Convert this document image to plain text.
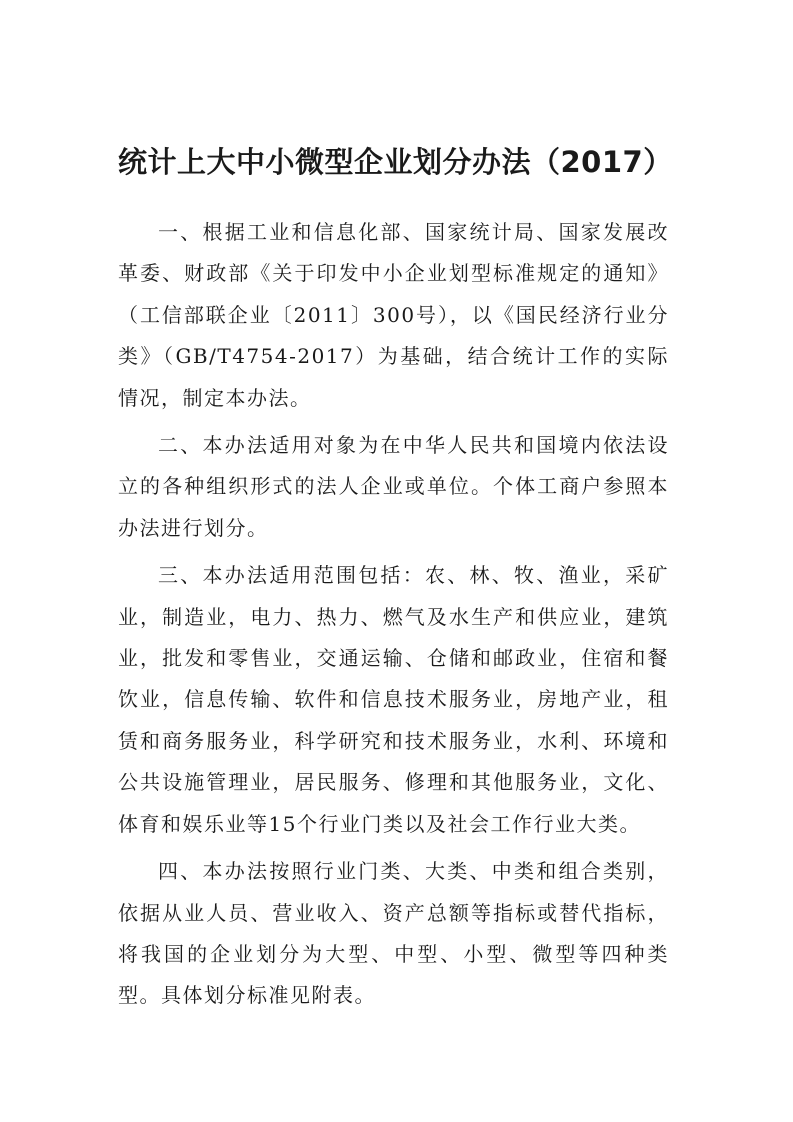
统计上大中小微型企业划分办法（2017）

一、根据工业和信息化部、国家统计局、国家发展改革委、财政部《关于印发中小企业划型标准规定的通知》（工信部联企业〔2011〕300号），以《国民经济行业分类》（GB/T4754-2017）为基础，结合统计工作的实际情况，制定本办法。

二、本办法适用对象为在中华人民共和国境内依法设立的各种组织形式的法人企业或单位。个体工商户参照本办法进行划分。

三、本办法适用范围包括：农、林、牧、渔业，采矿业，制造业，电力、热力、燃气及水生产和供应业，建筑业，批发和零售业，交通运输、仓储和邮政业，住宿和餐饮业，信息传输、软件和信息技术服务业，房地产业，租赁和商务服务业，科学研究和技术服务业，水利、环境和公共设施管理业，居民服务、修理和其他服务业，文化、体育和娱乐业等15个行业门类以及社会工作行业大类。

四、本办法按照行业门类、大类、中类和组合类别，依据从业人员、营业收入、资产总额等指标或替代指标，将我国的企业划分为大型、中型、小型、微型等四种类型。具体划分标准见附表。
